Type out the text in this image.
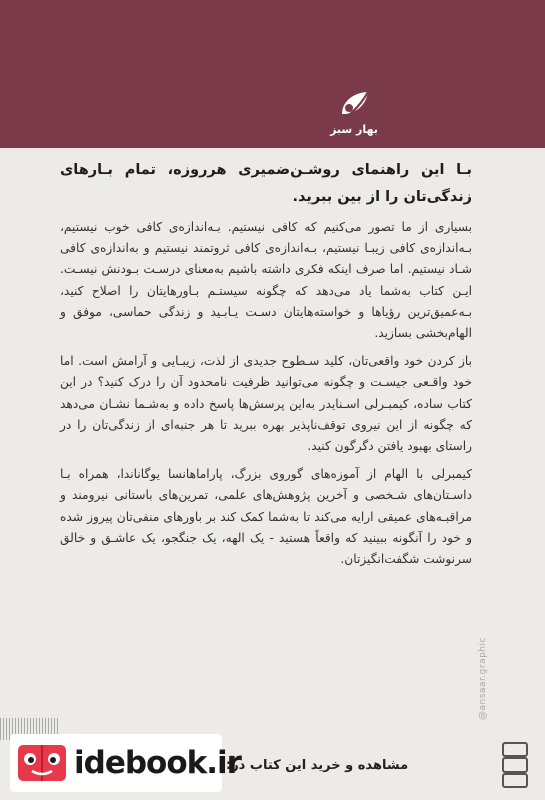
بهار سبز

بـا این راهنمای روشـن‌ضمیری هرروزه، تمام بـارهای زندگی‌تان را از بین ببرید.

بسیاری از ما تصور می‌کنیم که کافی نیستیم. بـه‌اندازه‌ی کافی خوب نیستیم، بـه‌اندازه‌ی کافی زیبـا نیستیم، بـه‌اندازه‌ی کافی ثروتمند نیستیم و به‌اندازه‌ی کافی شـاد نیستیم. اما صرف اینکه فکری داشته باشیم به‌معنای درسـت بـودنش نیسـت. ایـن کتاب به‌شما یاد می‌دهد که چگونه سیستـم بـاورهایتان را اصلاح کنید، بـه‌عمیق‌ترین رؤیاها و خواسته‌هایتان دسـت یـابـید و زندگی حماسی، موفق و الهام‌بخشی بسازید.

باز کردن خود واقعی‌تان، کلید سـطوح جدیدی از لذت، زیبـایی و آرامش است. اما خود واقـعی جیسـت و چگونه می‌توانید ظرفیت نامحدود آن را درک کنید؟ در این کتاب ساده، کیمبـرلی اسـنایدر به‌این پرسش‌ها پاسخ داده و به‌شـما نشـان می‌دهد که چگونه از این نیروی توقف‌ناپذیر بهره ببرید تا هر جنبه‌ای از زندگی‌تان را در راستای بهبود یافتن دگرگون کنید.

کیمبرلی با الهام از آموزه‌های گوروی بزرگ، پاراماهانسا یوگاناندا، همراه بـا داسـتان‌های شـخصی و آخرین پژوهش‌های علمی، تمرین‌های باستانی نیرومند و مراقبـه‌های عمیقی ارایه می‌کند تا به‌شما کمک کند بر باورهای منفی‌تان پیروز شده و خود را آنگونه ببینید که واقعاً هستید - یک الهه، یک جنگجو، یک عاشـق و خالق سرنوشت شگفت‌انگیز‌تان.

@ansaar.graphic
idebook.ir
مشاهده و خرید این کتاب در:
